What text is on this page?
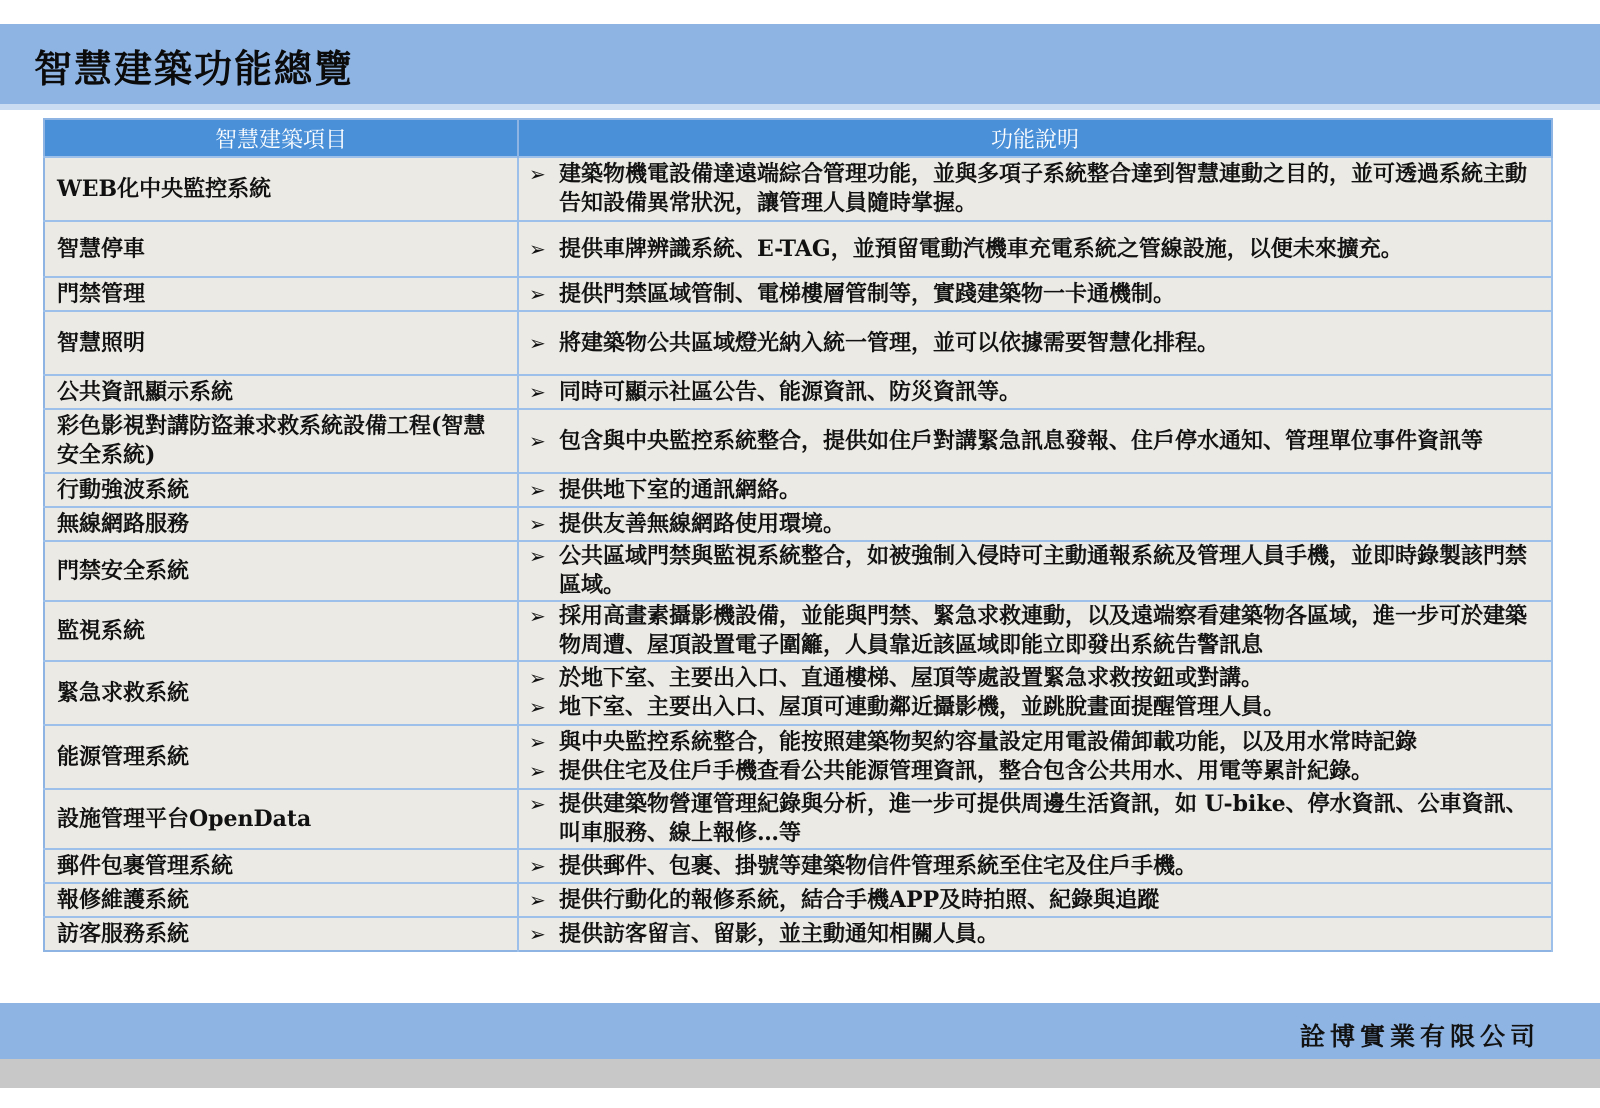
智慧建築功能總覽
智慧建築項目	功能說明
WEB化中央監控系統	➢ 建築物機電設備達遠端綜合管理功能，並與多項子系統整合達到智慧連動之目的，並可透過系統主動告知設備異常狀況，讓管理人員隨時掌握。

智慧停車	➢ 提供車牌辨識系統、E-TAG，並預留電動汽機車充電系統之管線設施，以便未來擴充。

門禁管理	➢ 提供門禁區域管制、電梯樓層管制等，實踐建築物一卡通機制。

智慧照明	➢ 將建築物公共區域燈光納入統一管理，並可以依據需要智慧化排程。

公共資訊顯示系統	➢ 同時可顯示社區公告、能源資訊、防災資訊等。

彩色影視對講防盜兼求救系統設備工程(智慧安全系統)	➢ 包含與中央監控系統整合，提供如住戶對講緊急訊息發報、住戶停水通知、管理單位事件資訊等

行動強波系統	➢ 提供地下室的通訊網絡。

無線網路服務	➢ 提供友善無線網路使用環境。

門禁安全系統	➢ 公共區域門禁與監視系統整合，如被強制入侵時可主動通報系統及管理人員手機，並即時錄製該門禁區域。

監視系統	➢ 採用高畫素攝影機設備，並能與門禁、緊急求救連動，以及遠端察看建築物各區域，進一步可於建築物周遭、屋頂設置電子圍籬，人員靠近該區域即能立即發出系統告警訊息

緊急求救系統	➢ 於地下室、主要出入口、直通樓梯、屋頂等處設置緊急求救按鈕或對講。
➢ 地下室、主要出入口、屋頂可連動鄰近攝影機，並跳脫畫面提醒管理人員。

能源管理系統	➢ 與中央監控系統整合，能按照建築物契約容量設定用電設備卸載功能，以及用水常時記錄
➢ 提供住宅及住戶手機查看公共能源管理資訊，整合包含公共用水、用電等累計紀錄。

設施管理平台OpenData	➢ 提供建築物營運管理紀錄與分析，進一步可提供周邊生活資訊，如 U-bike、停水資訊、公車資訊、叫車服務、線上報修…等

郵件包裹管理系統	➢ 提供郵件、包裹、掛號等建築物信件管理系統至住宅及住戶手機。

報修維護系統	➢ 提供行動化的報修系統，結合手機APP及時拍照、紀錄與追蹤

訪客服務系統	➢ 提供訪客留言、留影，並主動通知相關人員。
詮博實業有限公司
